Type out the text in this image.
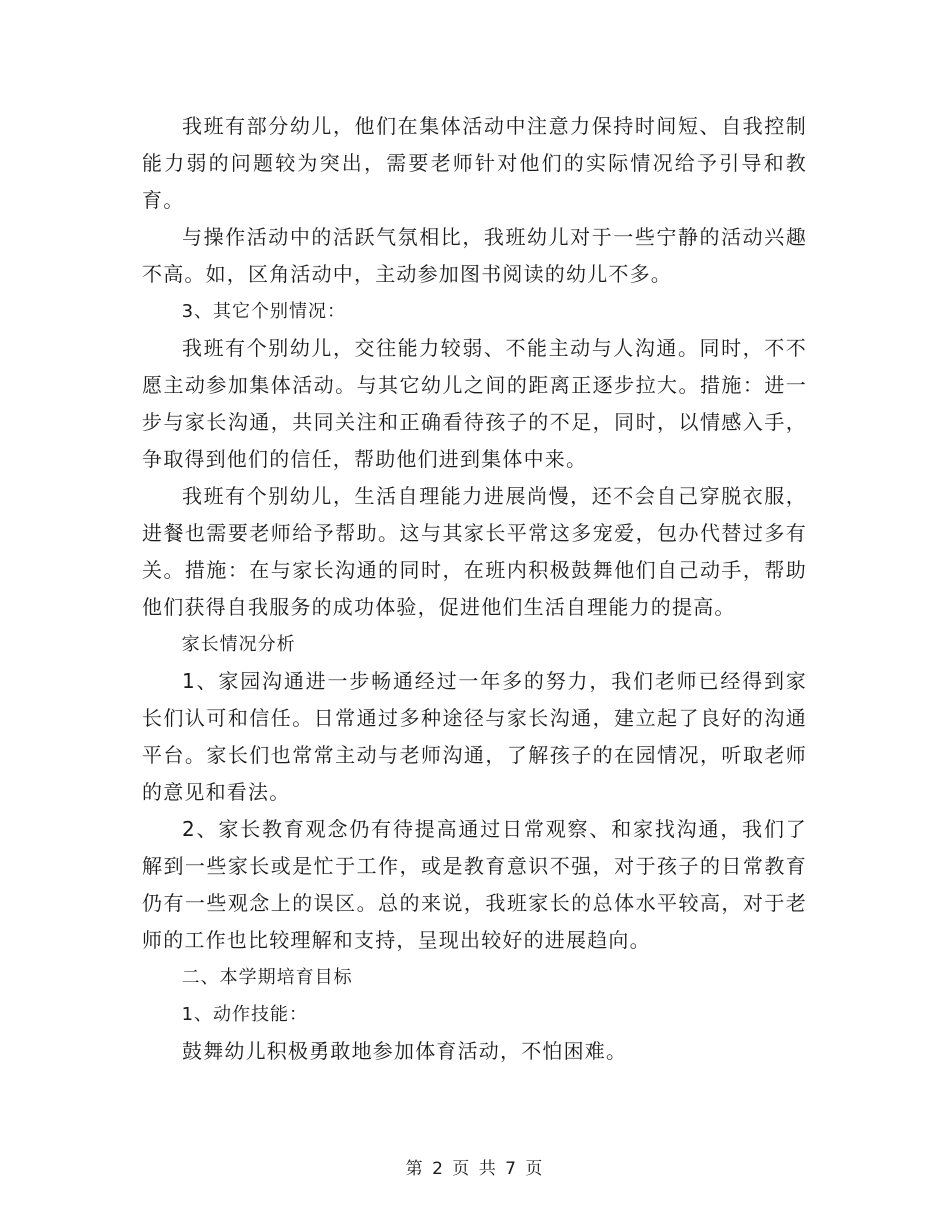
我班有部分幼儿，他们在集体活动中注意力保持时间短、自我控制能力弱的问题较为突出，需要老师针对他们的实际情况给予引导和教育。

与操作活动中的活跃气氛相比，我班幼儿对于一些宁静的活动兴趣不高。如，区角活动中，主动参加图书阅读的幼儿不多。

3、其它个别情况：

我班有个别幼儿，交往能力较弱、不能主动与人沟通。同时，不不愿主动参加集体活动。与其它幼儿之间的距离正逐步拉大。措施：进一步与家长沟通，共同关注和正确看待孩子的不足，同时，以情感入手，争取得到他们的信任，帮助他们进到集体中来。

我班有个别幼儿，生活自理能力进展尚慢，还不会自己穿脱衣服，进餐也需要老师给予帮助。这与其家长平常这多宠爱，包办代替过多有关。措施：在与家长沟通的同时，在班内积极鼓舞他们自己动手，帮助他们获得自我服务的成功体验，促进他们生活自理能力的提高。

家长情况分析

1、家园沟通进一步畅通经过一年多的努力，我们老师已经得到家长们认可和信任。日常通过多种途径与家长沟通，建立起了良好的沟通平台。家长们也常常主动与老师沟通，了解孩子的在园情况，听取老师的意见和看法。

2、家长教育观念仍有待提高通过日常观察、和家找沟通，我们了解到一些家长或是忙于工作，或是教育意识不强，对于孩子的日常教育仍有一些观念上的误区。总的来说，我班家长的总体水平较高，对于老师的工作也比较理解和支持，呈现出较好的进展趋向。

二、本学期培育目标

1、动作技能：

鼓舞幼儿积极勇敢地参加体育活动，不怕困难。

第 2 页 共 7 页
